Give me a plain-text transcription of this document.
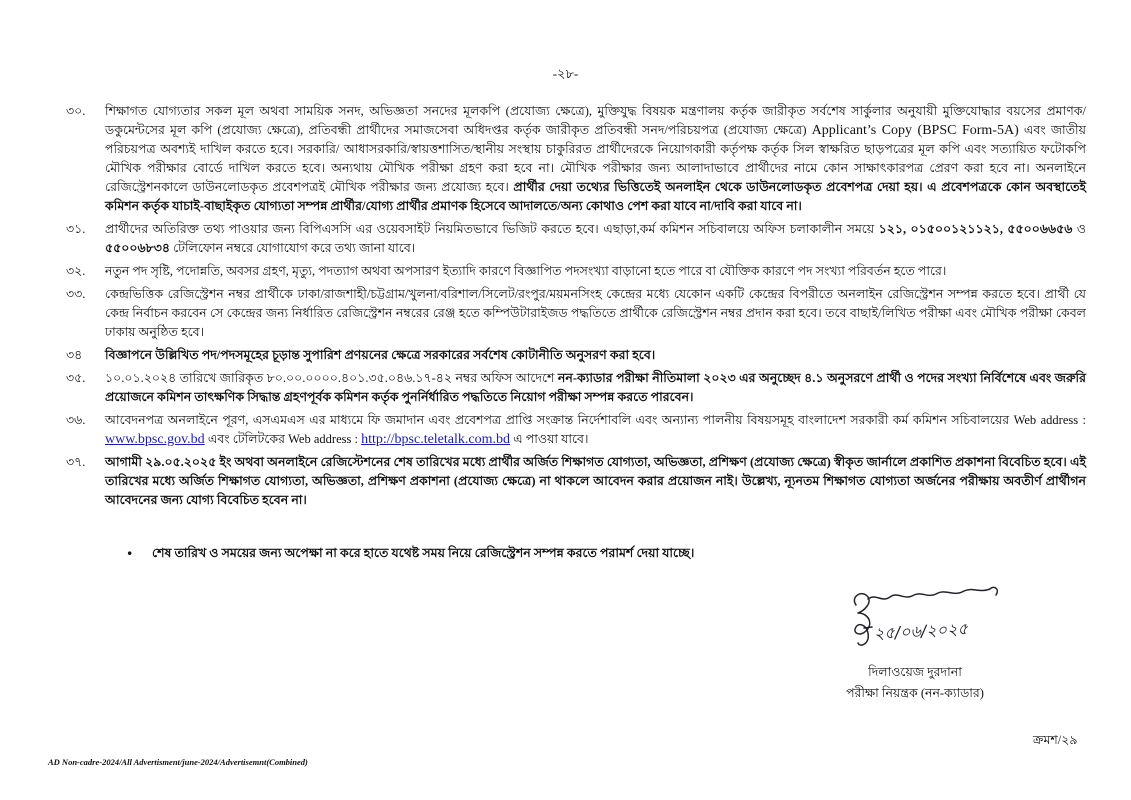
-২৮-
৩০.	শিক্ষাগত যোগ্যতার সকল মূল অথবা সাময়িক সনদ, অভিজ্ঞতা সনদের মূলকপি (প্রযোজ্য ক্ষেত্রে), মুক্তিযুদ্ধ বিষয়ক মন্ত্রণালয় কর্তৃক জারীকৃত সর্বশেষ সার্কুলার অনুযায়ী মুক্তিযোদ্ধার বয়সের প্রমাণক/ ডকুমেন্টসের মূল কপি (প্রযোজ্য ক্ষেত্রে), প্রতিবন্ধী প্রার্থীদের সমাজসেবা অধিদপ্তর কর্তৃক জারীকৃত প্রতিবন্ধী সনদ/পরিচয়পত্র (প্রযোজ্য ক্ষেত্রে) Applicant’s Copy (BPSC Form-5A) এবং জাতীয় পরিচয়পত্র অবশ্যই দাখিল করতে হবে। সরকারি/ আধাসরকারি/স্বায়ত্তশাসিত/স্থানীয় সংস্থায় চাকুরিরত প্রার্থীদেরকে নিয়োগকারী কর্তৃপক্ষ কর্তৃক সিল স্বাক্ষরিত ছাড়পত্রের মূল কপি এবং সত্যায়িত ফটোকপি মৌখিক পরীক্ষার বোর্ডে দাখিল করতে হবে। অন্যথায় মৌখিক পরীক্ষা গ্রহণ করা হবে না। মৌখিক পরীক্ষার জন্য আলাদাভাবে প্রার্থীদের নামে কোন সাক্ষাৎকারপত্র প্রেরণ করা হবে না। অনলাইনে রেজিস্ট্রেশনকালে ডাউনলোডকৃত প্রবেশপত্রই মৌখিক পরীক্ষার জন্য প্রযোজ্য হবে। প্রার্থীর দেয়া তথ্যের ভিত্তিতেই অনলাইন থেকে ডাউনলোডকৃত প্রবেশপত্র দেয়া হয়। এ প্রবেশপত্রকে কোন অবস্থাতেই কমিশন কর্তৃক যাচাই-বাছাইকৃত যোগ্যতা সম্পন্ন প্রার্থীর/যোগ্য প্রার্থীর প্রমাণক হিসেবে আদালতে/অন্য কোথাও পেশ করা যাবে না/দাবি করা যাবে না।

৩১.	প্রার্থীদের অতিরিক্ত তথ্য পাওয়ার জন্য বিপিএসসি এর ওয়েবসাইট নিয়মিতভাবে ভিজিট করতে হবে। এছাড়া,কর্ম কমিশন সচিবালয়ে অফিস চলাকালীন সময়ে ১২১, ০১৫০০১২১১২১, ৫৫০০৬৬৫৬ ও ৫৫০০৬৮৩৪ টেলিফোন নম্বরে যোগাযোগ করে তথ্য জানা যাবে।

৩২.	নতুন পদ সৃষ্টি, পদোন্নতি, অবসর গ্রহণ, মৃত্যু, পদত্যাগ অথবা অপসারণ ইত্যাদি কারণে বিজ্ঞাপিত পদসংখ্যা বাড়ানো হতে পারে বা যৌক্তিক কারণে পদ সংখ্যা পরিবর্তন হতে পারে।

৩৩.	কেন্দ্রভিত্তিক রেজিস্ট্রেশন নম্বর প্রার্থীকে ঢাকা/রাজশাহী/চট্টগ্রাম/খুলনা/বরিশাল/সিলেট/রংপুর/ময়মনসিংহ কেন্দ্রের মধ্যে যেকোন একটি কেন্দ্রের বিপরীতে অনলাইন রেজিস্ট্রেশন সম্পন্ন করতে হবে। প্রার্থী যে কেন্দ্র নির্বাচন করবেন সে কেন্দ্রের জন্য নির্ধারিত রেজিস্ট্রেশন নম্বরের রেঞ্জ হতে কম্পিউটারাইজড পদ্ধতিতে প্রার্থীকে রেজিস্ট্রেশন নম্বর প্রদান করা হবে। তবে বাছাই/লিখিত পরীক্ষা এবং মৌখিক পরীক্ষা কেবল ঢাকায় অনুষ্ঠিত হবে।

৩৪	বিজ্ঞাপনে উল্লিখিত পদ/পদসমূহের চূড়ান্ত সুপারিশ প্রণয়নের ক্ষেত্রে সরকারের সর্বশেষ কোটানীতি অনুসরণ করা হবে।

৩৫.	১০.০১.২০২৪ তারিখে জারিকৃত ৮০.০০.০০০০.৪০১.৩৫.০৪৬.১৭-৪২ নম্বর অফিস আদেশে নন-ক্যাডার পরীক্ষা নীতিমালা ২০২৩ এর অনুচ্ছেদ ৪.১ অনুসরণে প্রার্থী ও পদের সংখ্যা নির্বিশেষে এবং জরুরি প্রয়োজনে কমিশন তাৎক্ষণিক সিদ্ধান্ত গ্রহণপূর্বক কমিশন কর্তৃক পুনর্নির্ধারিত পদ্ধতিতে নিয়োগ পরীক্ষা সম্পন্ন করতে পারবেন।

৩৬.	আবেদনপত্র অনলাইনে পূরণ, এসএমএস এর মাধ্যমে ফি জমাদান এবং প্রবেশপত্র প্রাপ্তি সংক্রান্ত নির্দেশাবলি এবং অন্যান্য পালনীয় বিষয়সমূহ বাংলাদেশ সরকারী কর্ম কমিশন সচিবালয়ের Web address : www.bpsc.gov.bd এবং টেলিটকের Web address : http://bpsc.teletalk.com.bd এ পাওয়া যাবে।

৩৭.	আগামী ২৯.০৫.২০২৫ ইং অথবা অনলাইনে রেজিস্টেশনের শেষ তারিখের মধ্যে প্রার্থীর অর্জিত শিক্ষাগত যোগ্যতা, অভিজ্ঞতা, প্রশিক্ষণ (প্রযোজ্য ক্ষেত্রে) স্বীকৃত জার্নালে প্রকাশিত প্রকাশনা বিবেচিত হবে। এই তারিখের মধ্যে অর্জিত শিক্ষাগত যোগ্যতা, অভিজ্ঞতা, প্রশিক্ষণ প্রকাশনা (প্রযোজ্য ক্ষেত্রে) না থাকলে আবেদন করার প্রয়োজন নাই। উল্লেখ্য, ন্যূনতম শিক্ষাগত যোগ্যতা অর্জনের পরীক্ষায় অবতীর্ণ প্রার্থীগন আবেদনের জন্য যোগ্য বিবেচিত হবেন না।

•	শেষ তারিখ ও সময়ের জন্য অপেক্ষা না করে হাতে যথেষ্ট সময় নিয়ে রেজিস্ট্রেশন সম্পন্ন করতে পরামর্শ দেয়া যাচ্ছে।
২৫/০৬/২০২৫
দিলাওয়েজ দুরদানা
পরীক্ষা নিয়ন্ত্রক (নন-ক্যাডার)
ক্রমশ/২৯
AD Non-cadre-2024/All Advertisment/june-2024/Advertisemnt(Combined)
